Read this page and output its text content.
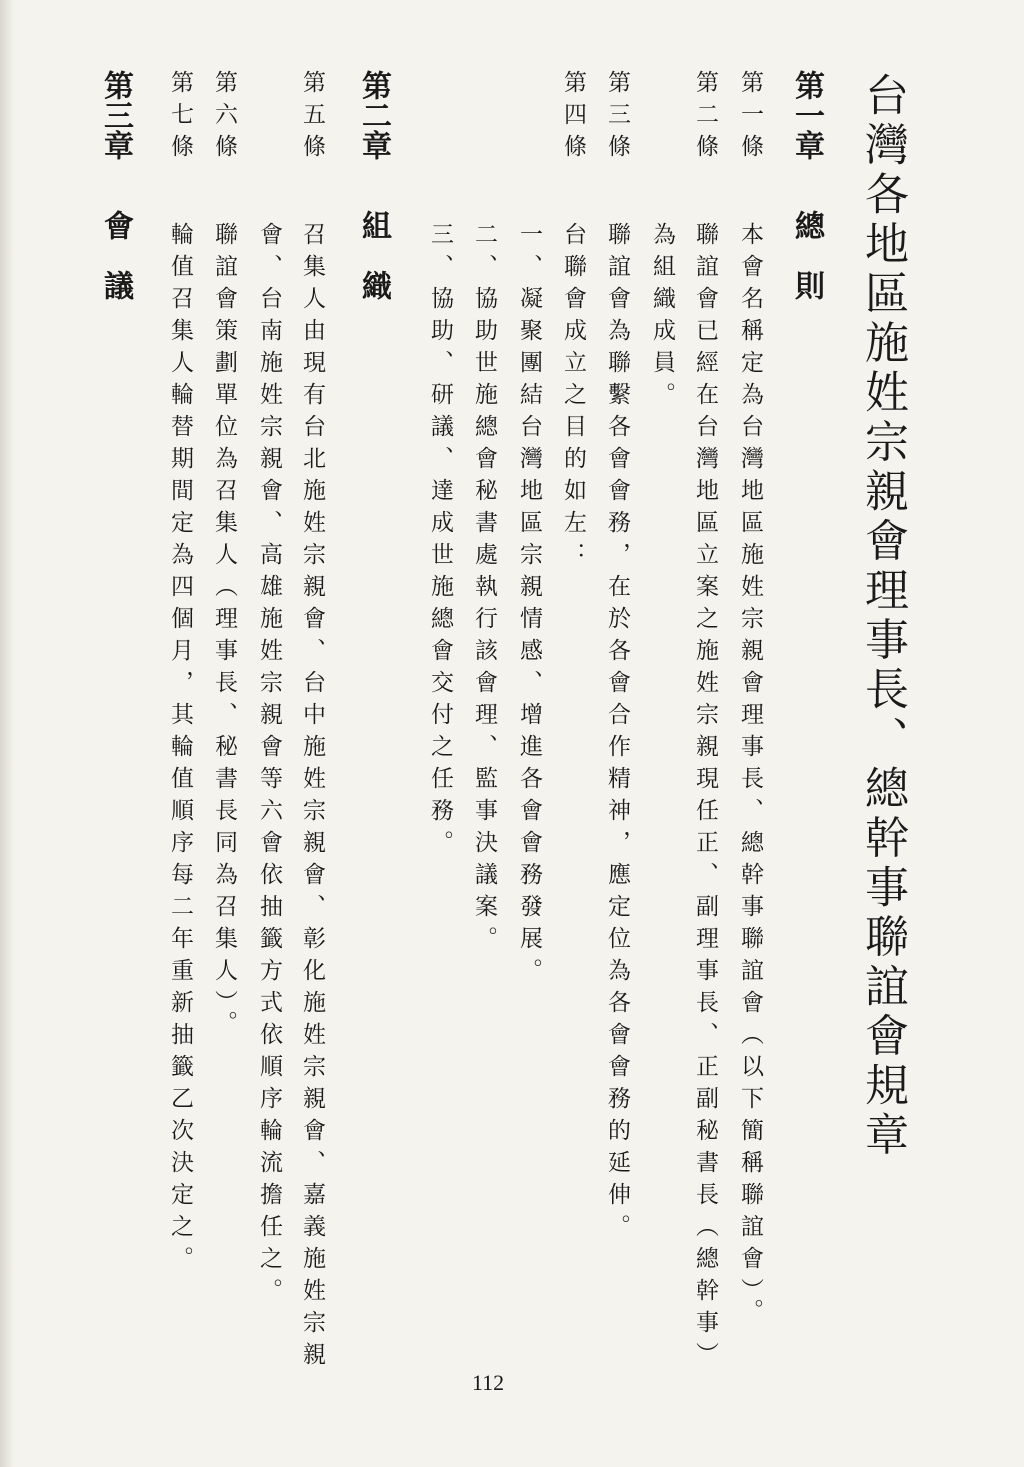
台灣各地區施姓宗親會理事長、總幹事聯誼會規章
第一章
總　則
第一條
本會名稱定為台灣地區施姓宗親會理事長、總幹事聯誼會（以下簡稱聯誼會）。
第二條
聯誼會已經在台灣地區立案之施姓宗親現任正、副理事長、正副秘書長（總幹事）
為組織成員。
第三條
聯誼會為聯繫各會會務，在於各會合作精神，應定位為各會會務的延伸。
第四條
台聯會成立之目的如左：
一、凝聚團結台灣地區宗親情感、增進各會會務發展。
二、協助世施總會秘書處執行該會理、監事決議案。
三、協助、研議、達成世施總會交付之任務。
第二章
組　織
第五條
召集人由現有台北施姓宗親會、台中施姓宗親會、彰化施姓宗親會、嘉義施姓宗親
會、台南施姓宗親會、高雄施姓宗親會等六會依抽籤方式依順序輪流擔任之。
第六條
聯誼會策劃單位為召集人（理事長、秘書長同為召集人）。
第七條
輪值召集人輪替期間定為四個月，其輪值順序每二年重新抽籤乙次決定之。
第三章
會　議
112
